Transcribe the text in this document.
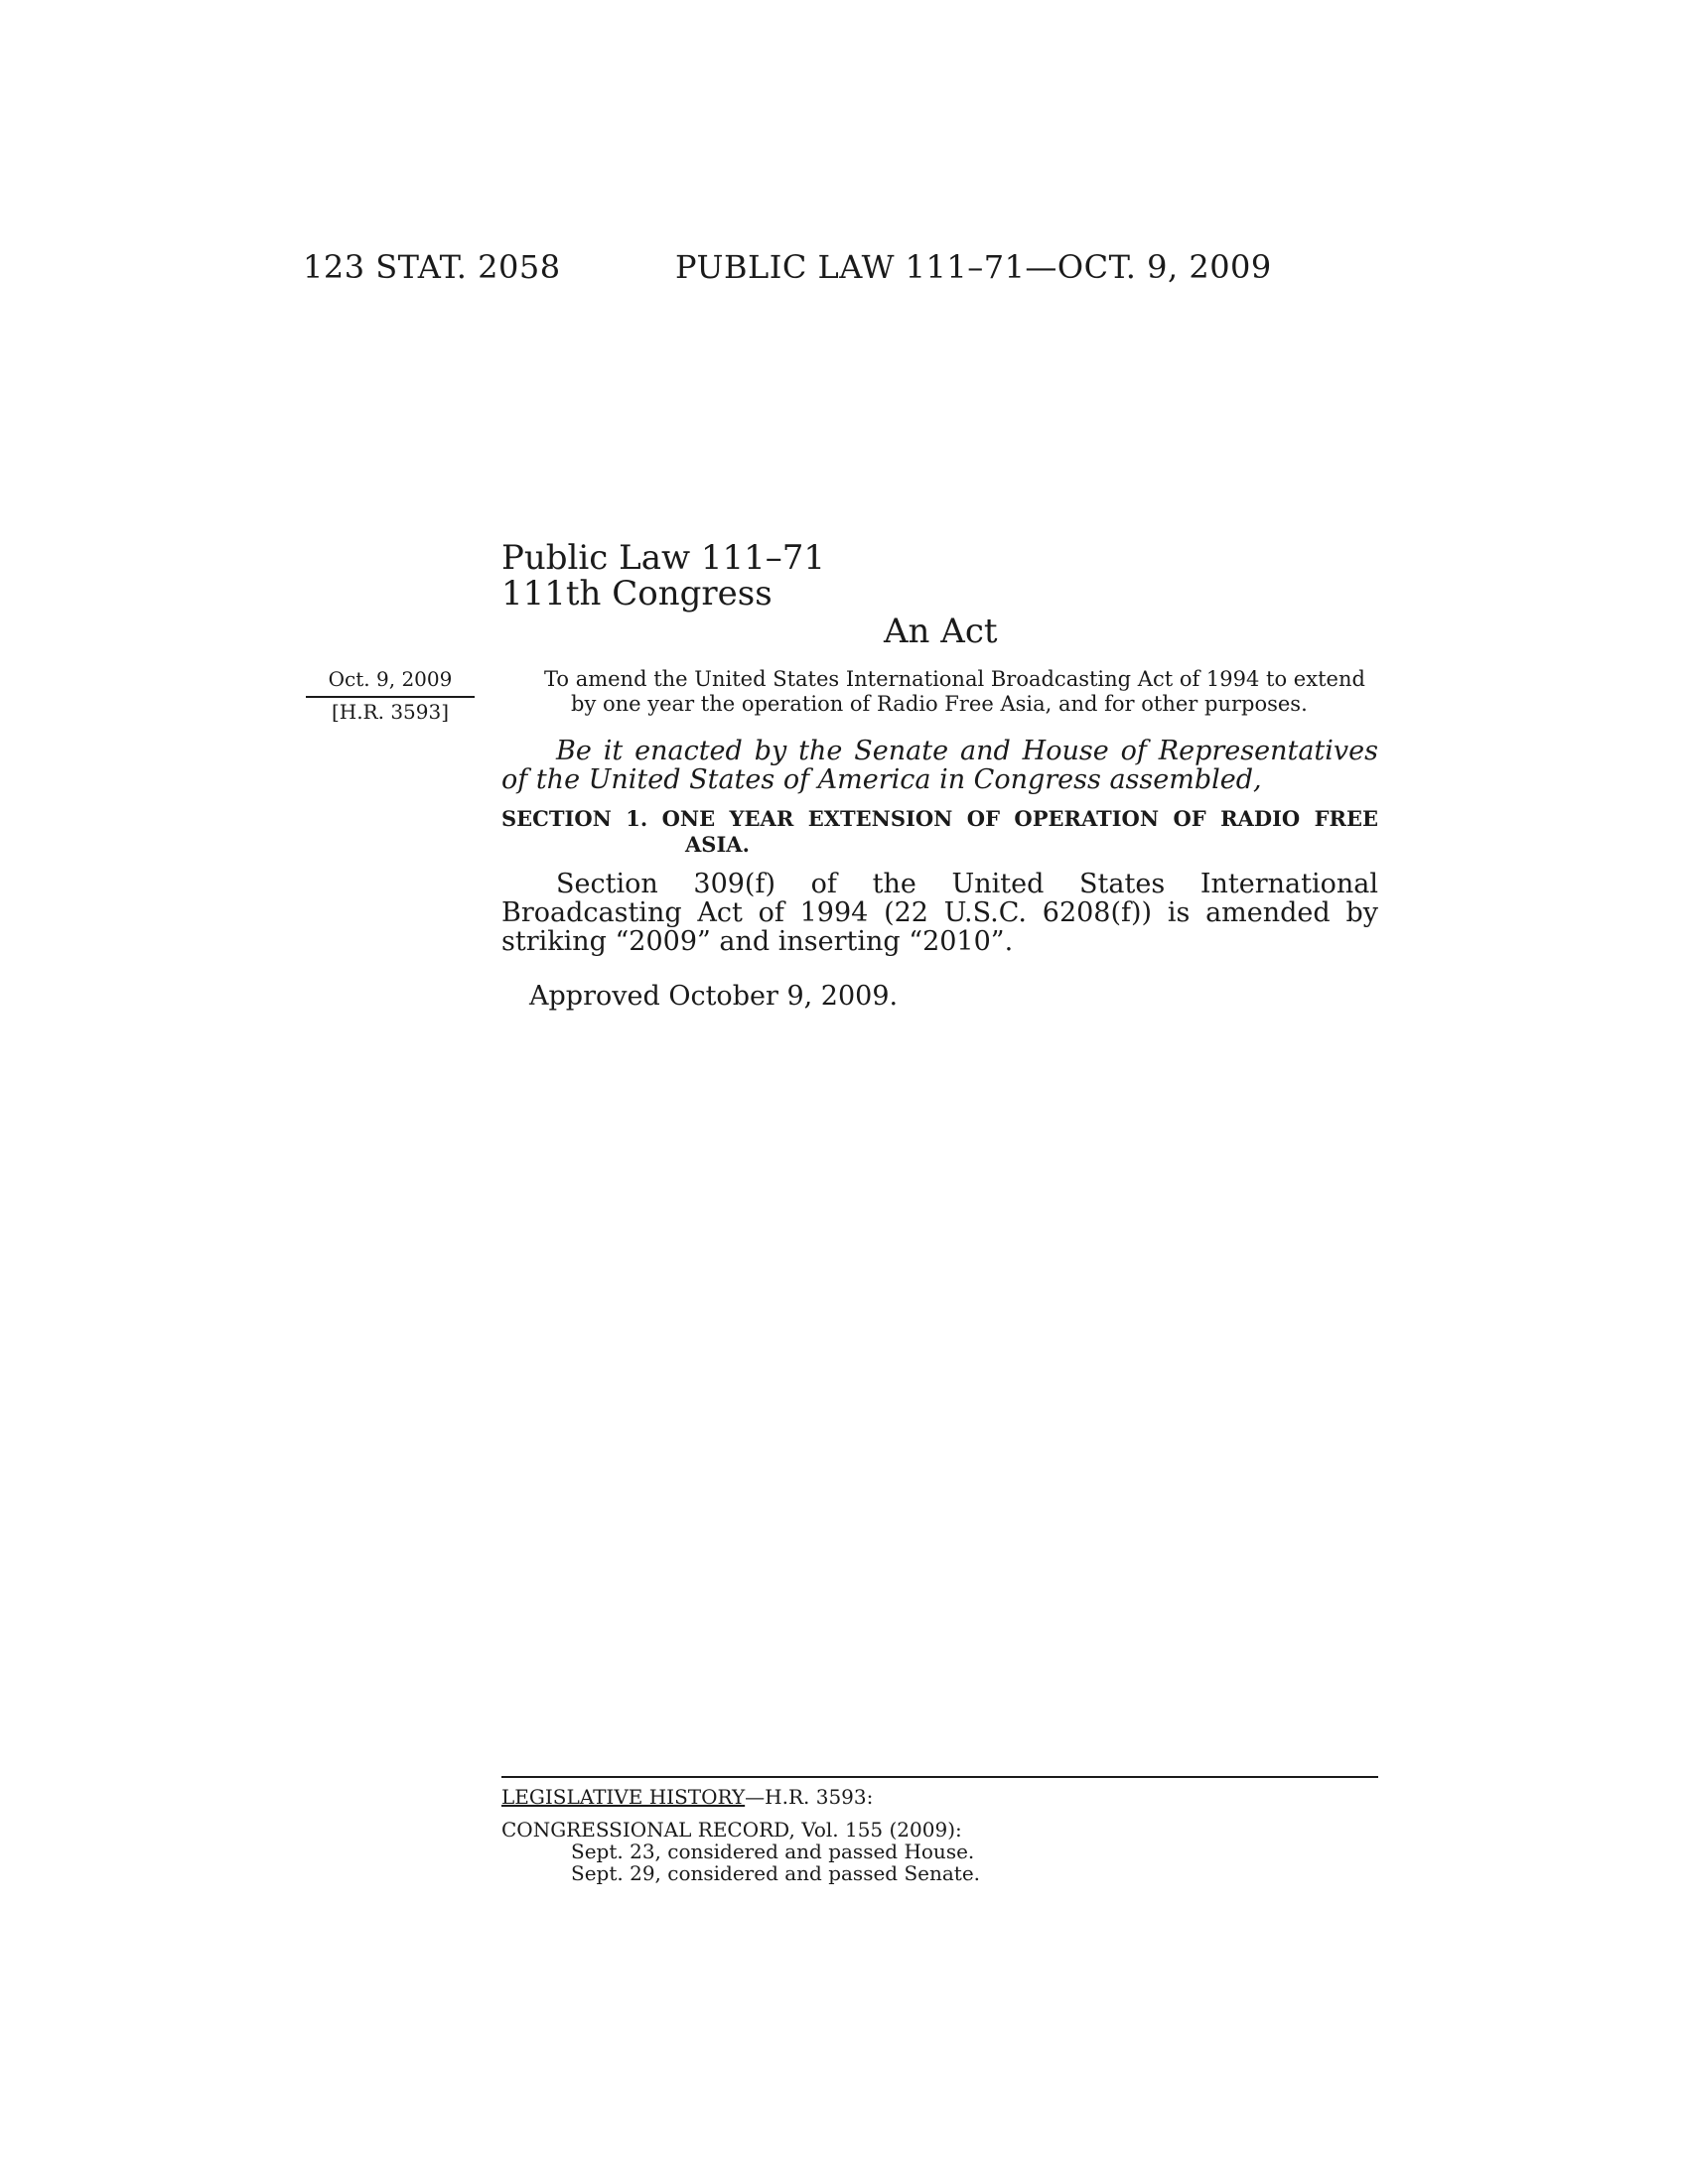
123 STAT. 2058	PUBLIC LAW 111–71—OCT. 9, 2009
Public Law 111–71
111th Congress
An Act
Oct. 9, 2009
[H.R. 3593]
To amend the United States International Broadcasting Act of 1994 to extend
by one year the operation of Radio Free Asia, and for other purposes.

Be it enacted by the Senate and House of Representatives of the United States of America in Congress assembled,

SECTION 1. ONE YEAR EXTENSION OF OPERATION OF RADIO FREE
ASIA.

Section 309(f) of the United States International Broadcasting Act of 1994 (22 U.S.C. 6208(f)) is amended by striking “2009” and inserting “2010”.

Approved October 9, 2009.
LEGISLATIVE HISTORY—H.R. 3593:
CONGRESSIONAL RECORD, Vol. 155 (2009):
Sept. 23, considered and passed House.
Sept. 29, considered and passed Senate.
